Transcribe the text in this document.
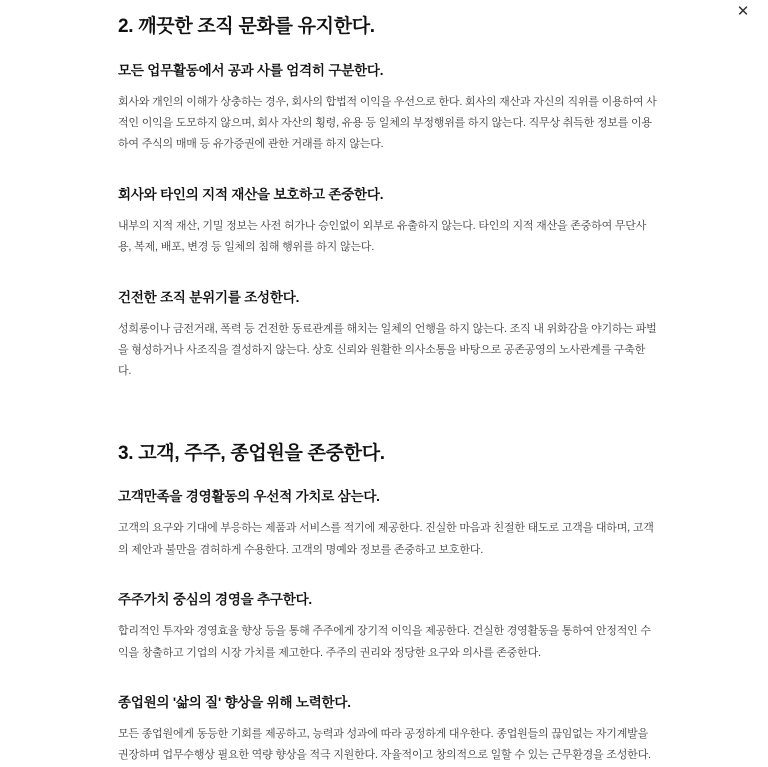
✕
2. 깨끗한 조직 문화를 유지한다.
모든 업무활동에서 공과 사를 엄격히 구분한다.

회사와 개인의 이해가 상충하는 경우, 회사의 합법적 이익을 우선으로 한다. 회사의 재산과 자신의 직위를 이용하여 사적인 이익을 도모하지 않으며, 회사 자산의 횡령, 유용 등 일체의 부정행위를 하지 않는다. 직무상 취득한 정보를 이용하여 주식의 매매 등 유가증권에 관한 거래를 하지 않는다.

회사와 타인의 지적 재산을 보호하고 존중한다.

내부의 지적 재산, 기밀 정보는 사전 허가나 승인없이 외부로 유출하지 않는다. 타인의 지적 재산을 존중하여 무단사용, 복제, 배포, 변경 등 일체의 침해 행위를 하지 않는다.

건전한 조직 분위기를 조성한다.

성희롱이나 금전거래, 폭력 등 건전한 동료관계를 해치는 일체의 언행을 하지 않는다. 조직 내 위화감을 야기하는 파벌을 형성하거나 사조직을 결성하지 않는다. 상호 신뢰와 원활한 의사소통을 바탕으로 공존공영의 노사관계를 구축한다.

3. 고객, 주주, 종업원을 존중한다.
고객만족을 경영활동의 우선적 가치로 삼는다.

고객의 요구와 기대에 부응하는 제품과 서비스를 적기에 제공한다. 진실한 마음과 친절한 태도로 고객을 대하며, 고객의 제안과 불만을 겸허하게 수용한다. 고객의 명예와 정보를 존중하고 보호한다.

주주가치 중심의 경영을 추구한다.

합리적인 투자와 경영효율 향상 등을 통해 주주에게 장기적 이익을 제공한다. 건실한 경영활동을 통하여 안정적인 수익을 창출하고 기업의 시장 가치를 제고한다. 주주의 권리와 정당한 요구와 의사를 존중한다.

종업원의 '삶의 질' 향상을 위해 노력한다.

모든 종업원에게 동등한 기회를 제공하고, 능력과 성과에 따라 공정하게 대우한다. 종업원들의 끊임없는 자기계발을 권장하며 업무수행상 필요한 역량 향상을 적극 지원한다. 자율적이고 창의적으로 일할 수 있는 근무환경을 조성한다.
